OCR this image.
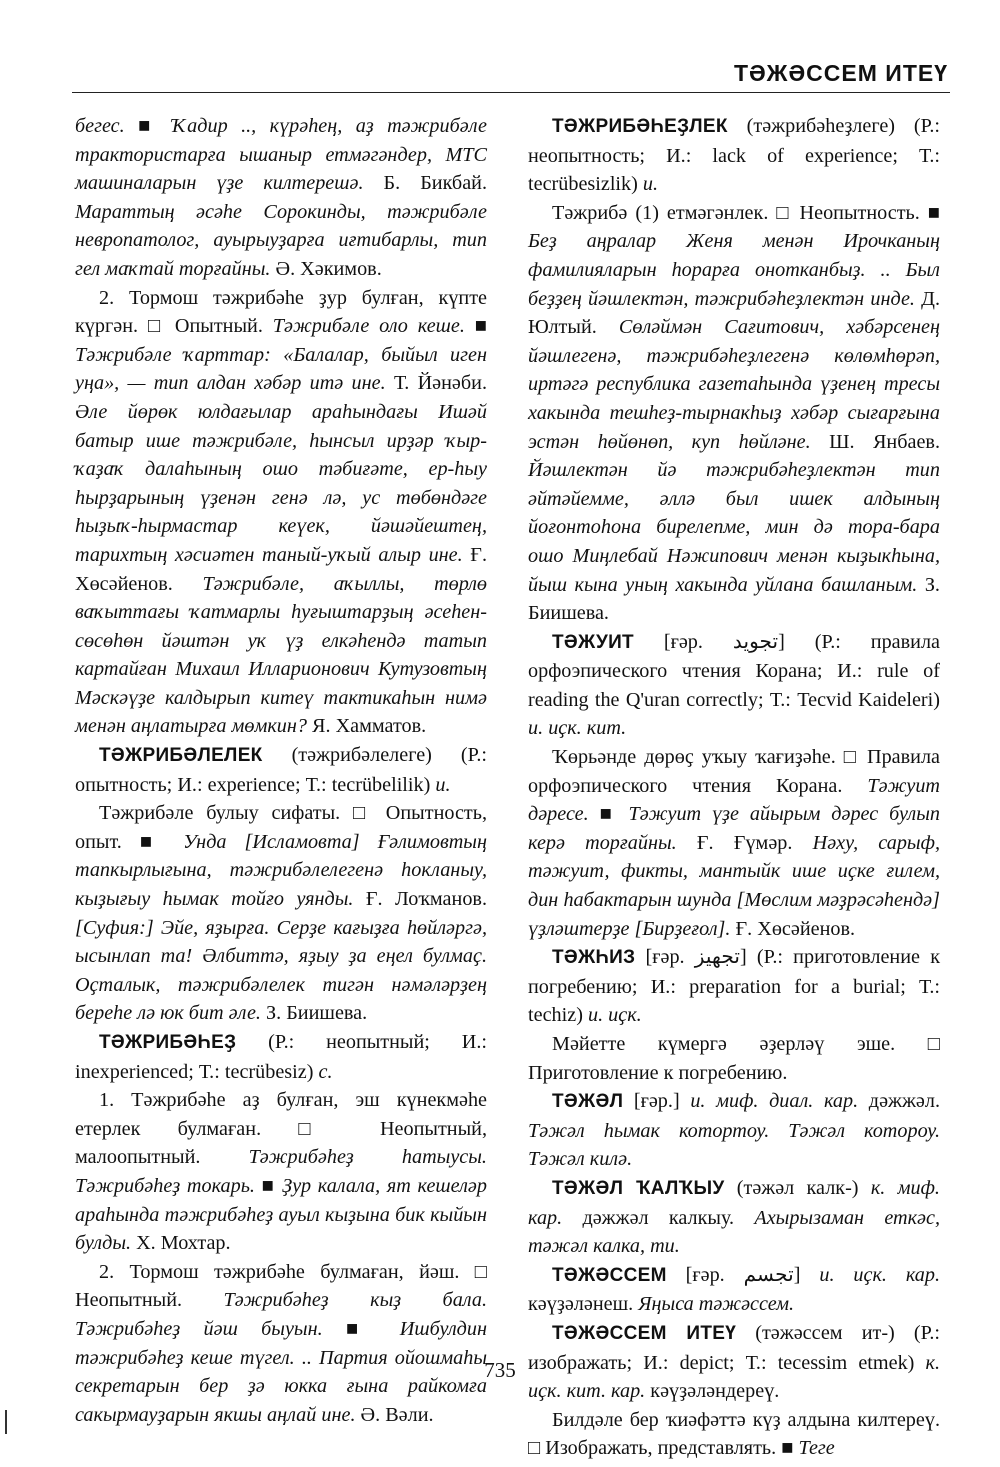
ТӘЖӘССЕМ ИТЕҮ

бегес. ■ Ҡадир .., күрәһең, аҙ тәжрибәле трактористарға ышаныр етмәгәндер, МТС машиналарын үҙе килтерешә. Б. Бикбай. Мараттың әсәһе Сорокинды, тәжрибәле невропатолог, ауырыуҙарға иғтибарлы, тип гел маҡтай торғайны. Ә. Хәкимов.

2. Тормош тәжрибәһе ҙур булған, күпте күргән. □ Опытный. Тәжрибәле оло кеше. ■ Тәжрибәле ҡарттар: «Балалар, быйыл иген уңа», — тип алдан хәбәр итә ине. Т. Йәнәби. Әле йөрөк юлдағылар араһындағы Ишәй батыр ише тәжрибәле, һынсыл ирҙәр ҡыр-ҡаҙаҡ далаһының ошо тәбиғәте, ер-һыу һырҙарының үҙенән генә лә, ус төбөндәге һыҙыҡ-һырмастар кеүек, йәшәйештең, тарихтың хәсиәтен таный-уҡый алыр ине. Ғ. Хөсәйенов. Тәжрибәле, аҡыллы, төрлө ваҡыттағы ҡатмарлы һуғыштарҙың әсеһен-сөсөһөн йәштән уҡ үҙ елкәһендә татып картайған Михаил Илларионович Кутузовтың Мәскәүҙе калдырып китеү тактикаһын нимә менән аңлатырға мөмкин? Я. Хамматов.

ТӘЖРИБӘЛЕЛЕК (тәжрибәлелеге) (Р.: опытность; И.: experience; Т.: tecrübelilik) и.

Тәжрибәле булыу сифаты. □ Опытность, опыт. ■ Унда [Исламовта] Ғәлимовтың тапкырлығына, тәжрибәлелегенә һокланыу, кыҙығыу һымак тойғо уянды. Ғ. Лоҡманов. [Суфия:] Эйе, яҙырға. Серҙе кағыҙға һөйләргә, ысынлап та! Әлбиттә, яҙыу ҙа еңел булмаҫ. Оҫталык, тәжрибәлелек тигән нәмәләрҙең береһе лә юк бит әле. З. Биишева.

ТӘЖРИБӘҺЕҘ (Р.: неопытный; И.: inexperienced; Т.: tecrübesiz) с.

1. Тәжрибәһе аҙ булған, эш күнекмәһе етерлек булмаған. □ Неопытный, малоопытный. Тәжрибәһеҙ һатыусы. Тәжрибәһеҙ токарь. ■ Ҙур калала, ят кешеләр араһында тәжрибәһеҙ ауыл кыҙына бик кыйын булды. Х. Мохтар.

2. Тормош тәжрибәһе булмаған, йәш. □ Неопытный. Тәжрибәһеҙ кыҙ бала. Тәжрибәһеҙ йәш быуын. ■ Ишбулдин тәжрибәһеҙ кеше түгел. .. Партия ойошмаһы секретарын бер ҙә юкка ғына райкомға сакырмауҙарын якшы аңлай ине. Ә. Вәли.

ТӘЖРИБӘҺЕҘЛЕК (тәжрибәһеҙлеге) (Р.: неопытность; И.: lack of experience; Т.: tecrübesizlik) и.

Тәжрибә (1) етмәгәнлек. □ Неопытность. ■ Беҙ аңралар Женя менән Ирочканың фамилияларын һорарға онотканбыҙ. .. Был беҙҙең йәшлектән, тәжрибәһеҙлектән инде. Д. Юлтый. Сөләймән Сағитович, хәбәрсенең йәшлегенә, тәжрибәһеҙлегенә көлөмһөрәп, иртәгә республика газетаһында үҙенең тресы хакында тешһеҙ-тырнакһыҙ хәбәр сығарғына эстән һөйөнөп, куп һөйләне. Ш. Янбаев. Йәшлектән йә тәжрибәһеҙлектән тип әйтәйемме, әллә был ишек алдының йоғонтоһона бирелепме, мин дә тора-бара ошо Миңлебай Нәжипович менән кыҙыкһына, йыш кына уның хакында уйлана башланым. З. Биишева.

ТӘЖУИТ [ғәр. تجويد] (Р.: правила орфоэпического чтения Корана; И.: rule of reading the Q'uran correctly; Т.: Tecvid Kaideleri) и. иҫк. кит.

Ҡөрьәнде дөрөҫ уҡыу ҡағиҙәһе. □ Правила орфоэпического чтения Корана. Тәжуит дәресе. ■ Тәжуит үҙе айырым дәрес булып керә торғайны. Ғ. Ғүмәр. Нәху, сарыф, тәжуит, фикты, мантыйк ише иҫке ғилем, дин һабактарын шунда [Мөслим мәҙрәсәһендә] үҙләштерҙе [Бирҙеғол]. Ғ. Хөсәйенов.

ТӘЖҺИЗ [ғәр. تجهيز] (Р.: приготовление к погребению; И.: preparation for a burial; Т.: techiz) и. иҫк.

Мәйетте күмергә әҙерләү эше. □ Приготовление к погребению.

ТӘЖӘЛ [ғәр.] и. миф. диал. кар. дәжжәл. Тәжәл һымак котортоу. Тәжәл котороу. Тәжәл килә.

ТӘЖӘЛ ҠАЛҠЫУ (тәжәл калк-) к. миф. кар. дәжжәл калкыу. Ахырызаман еткәс, тәжәл калка, ти.

ТӘЖӘССЕМ [ғәр. تجسم] и. иҫк. кар. кәүҙәләнеш. Яңыса тәжәссем.

ТӘЖӘССЕМ ИТЕҮ (тәжәссем ит-) (Р.: изображать; И.: depict; Т.: tecessim etmek) к. иҫк. кит. кар. кәүҙәләндереү.

Билдәле бер ҡиәфәттә күҙ алдына килтереү. □ Изображать, представлять. ■ Теге

735
